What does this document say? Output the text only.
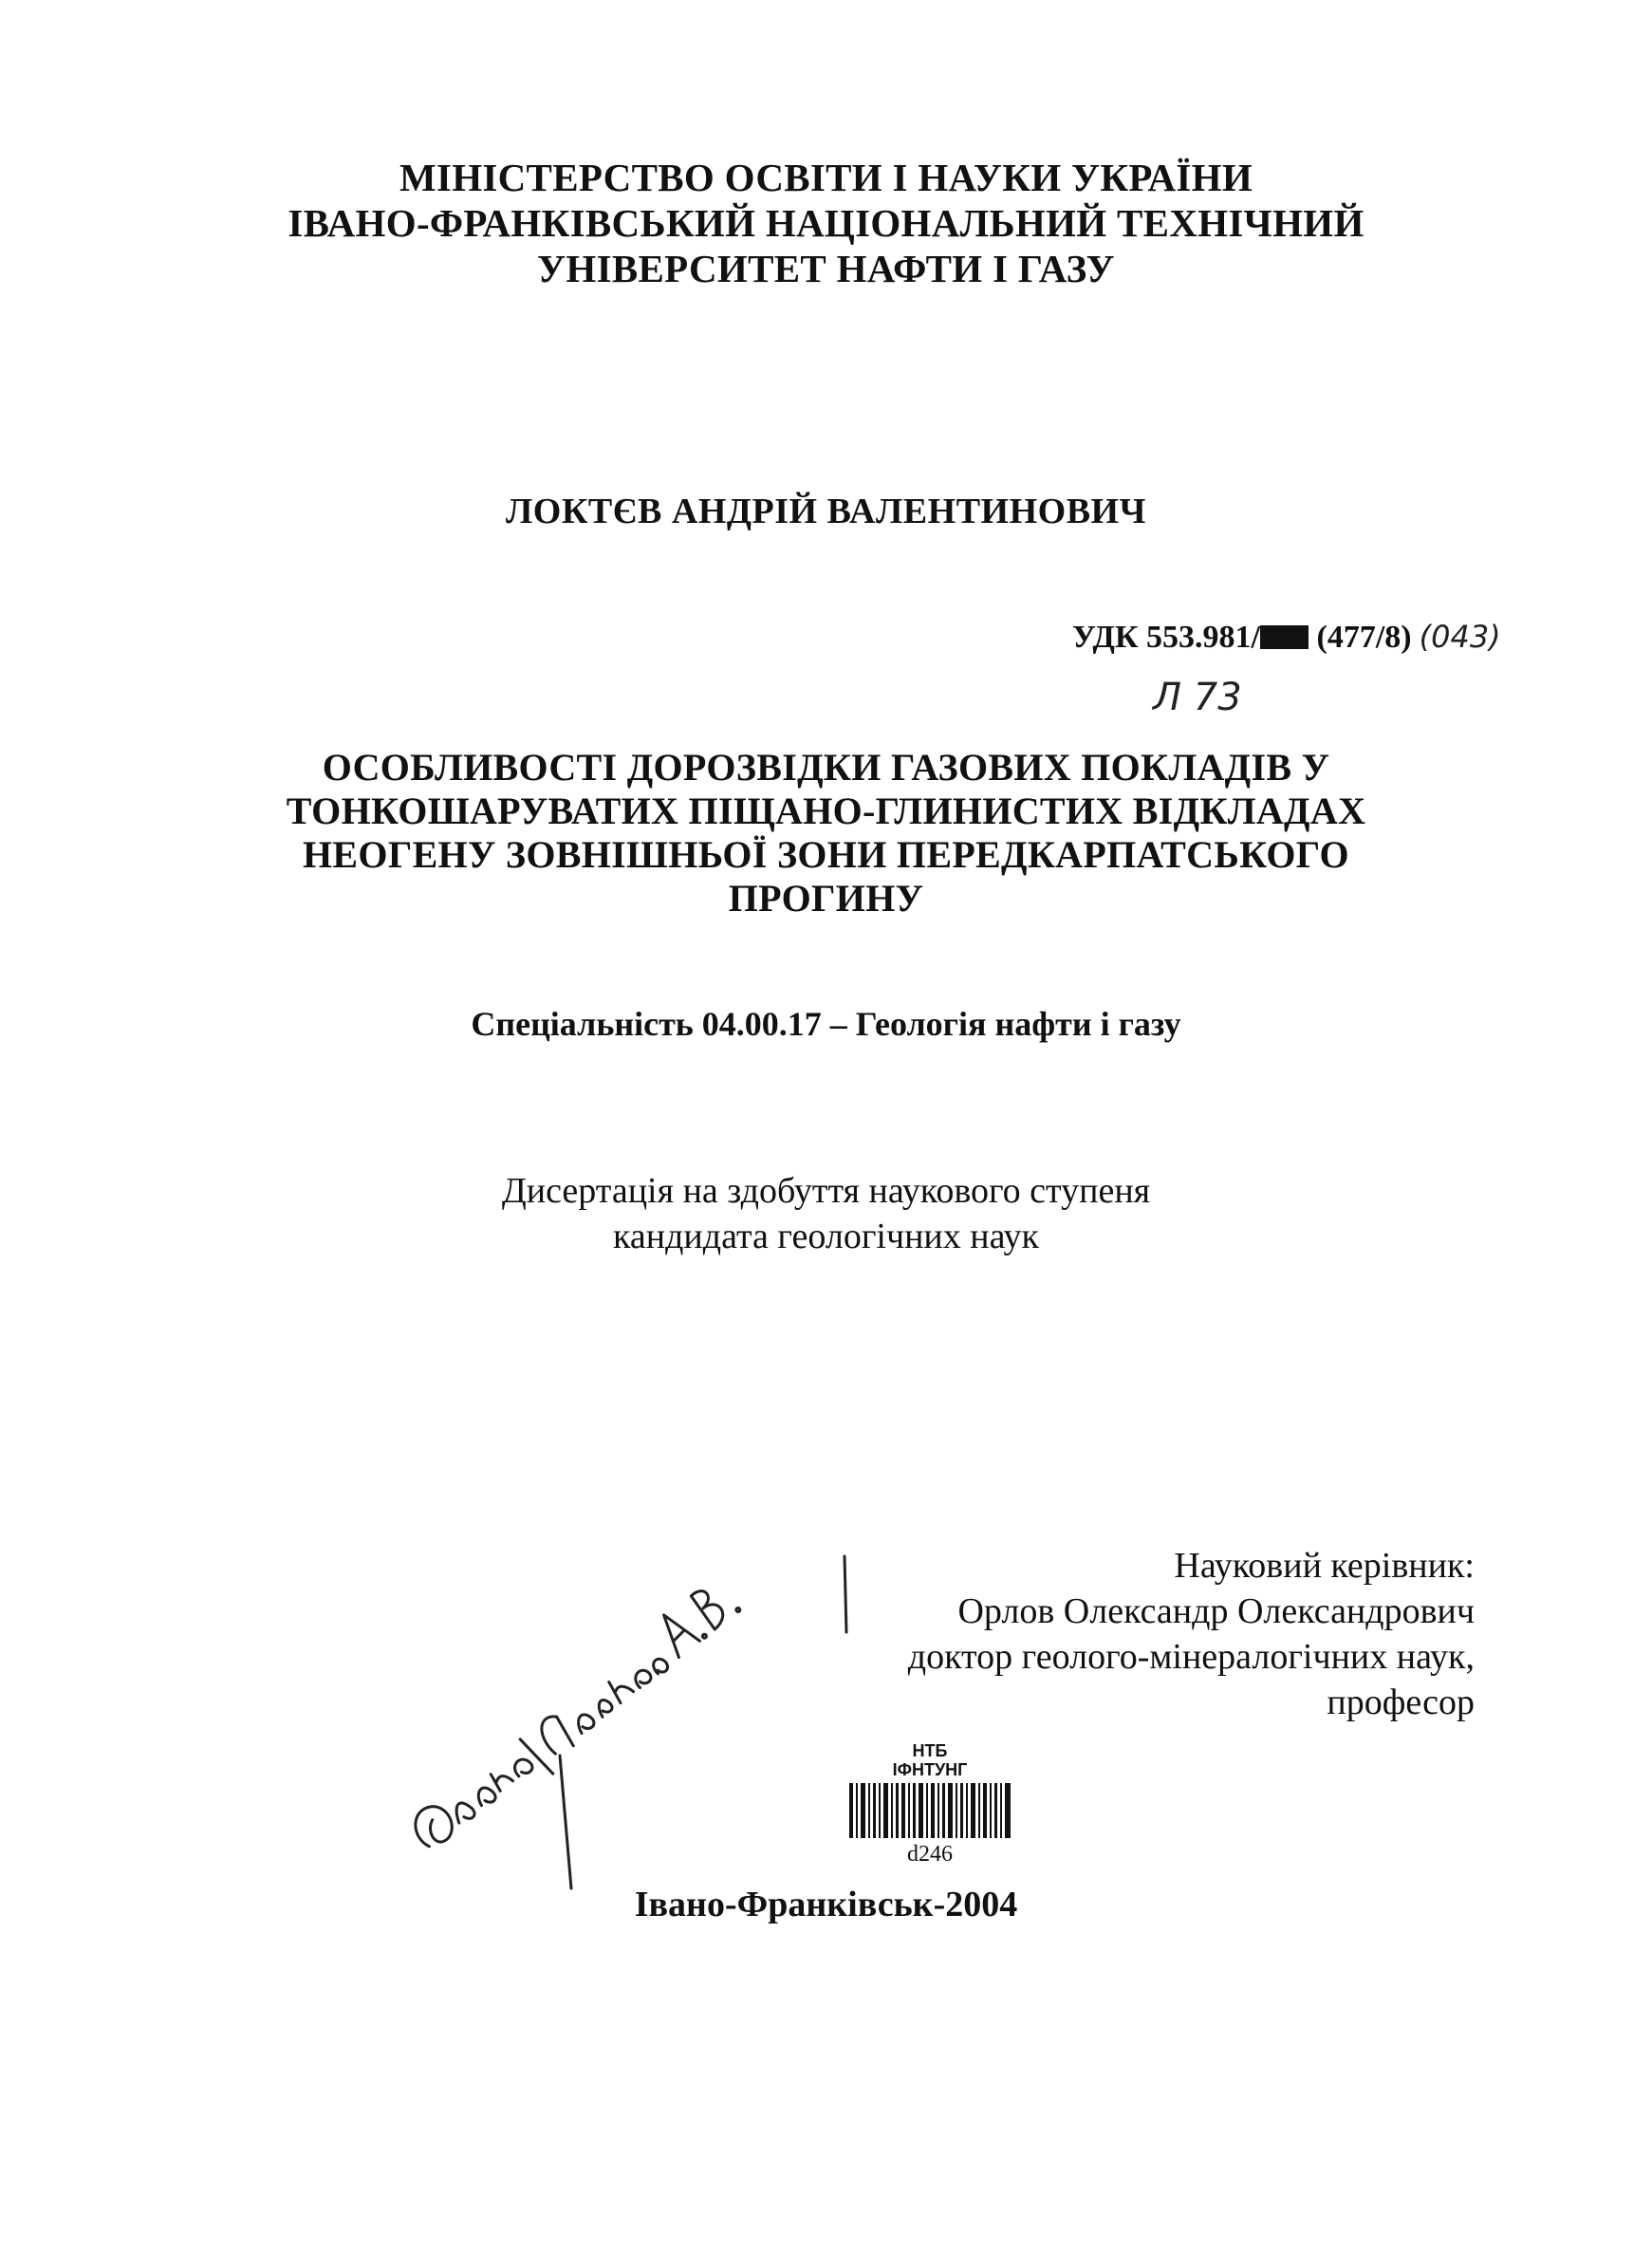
МІНІСТЕРСТВО ОСВІТИ І НАУКИ УКРАЇНИ
ІВАНО-ФРАНКІВСЬКИЙ НАЦІОНАЛЬНИЙ ТЕХНІЧНИЙ
УНІВЕРСИТЕТ НАФТИ І ГАЗУ
ЛОКТЄВ АНДРІЙ ВАЛЕНТИНОВИЧ
УДК 553.981/
(477/8) (043)
Л 73
ОСОБЛИВОСТІ ДОРОЗВІДКИ ГАЗОВИХ ПОКЛАДІВ У
ТОНКОШАРУВАТИХ ПІЩАНО-ГЛИНИСТИХ ВІДКЛАДАХ
НЕОГЕНУ ЗОВНІШНЬОЇ ЗОНИ ПЕРЕДКАРПАТСЬКОГО
ПРОГИНУ
Спеціальність 04.00.17 – Геологія нафти і газу
Дисертація на здобуття наукового ступеня
кандидата геологічних наук
Науковий керівник:
Орлов Олександр Олександрович
доктор геолого-мінералогічних наук,
професор
НТБ
ІФНТУНГ
d246
Івано-Франківськ-2004
